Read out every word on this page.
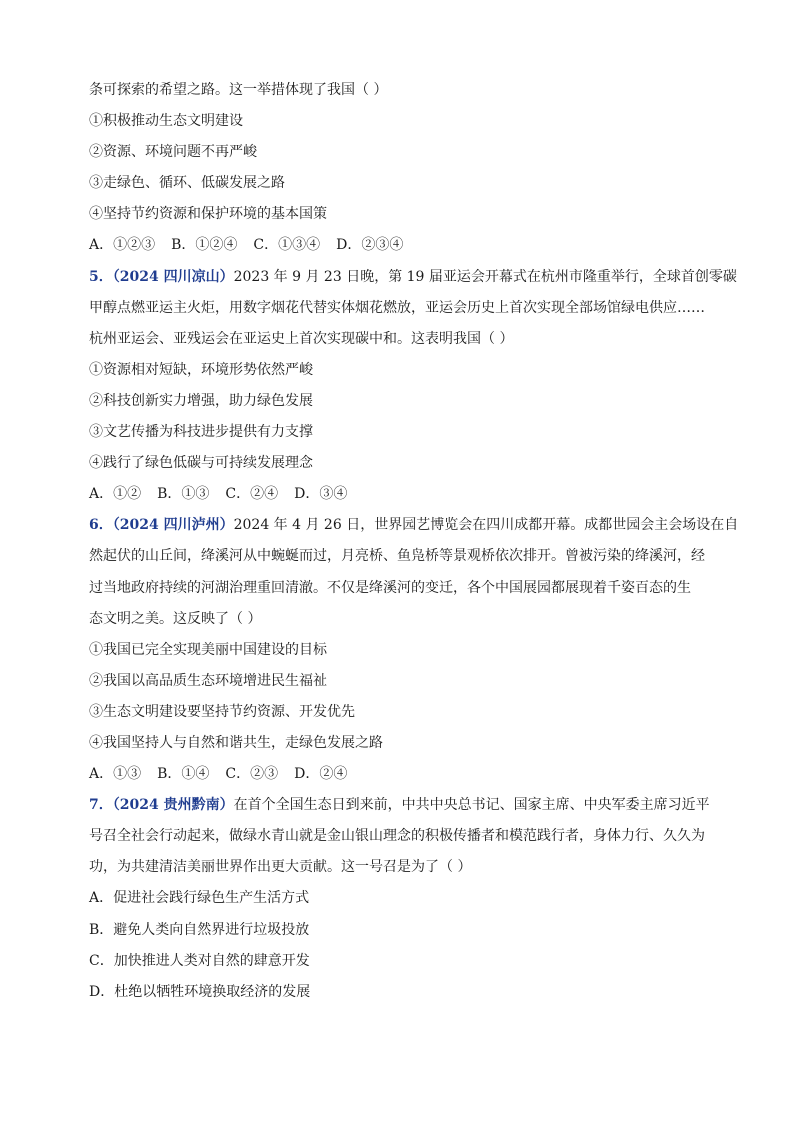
条可探索的希望之路。这一举措体现了我国（ ）
①积极推动生态文明建设
②资源、环境问题不再严峻
③走绿色、循环、低碳发展之路
④坚持节约资源和保护环境的基本国策
A．①②③ B．①②④ C．①③④ D．②③④
5．（2024 四川凉山）2023 年 9 月 23 日晚，第 19 届亚运会开幕式在杭州市隆重举行，全球首创零碳
甲醇点燃亚运主火炬，用数字烟花代替实体烟花燃放，亚运会历史上首次实现全部场馆绿电供应……
杭州亚运会、亚残运会在亚运史上首次实现碳中和。这表明我国（ ）
①资源相对短缺，环境形势依然严峻
②科技创新实力增强，助力绿色发展
③文艺传播为科技进步提供有力支撑
④践行了绿色低碳与可持续发展理念
A．①② B．①③ C．②④ D．③④
6．（2024 四川泸州）2024 年 4 月 26 日，世界园艺博览会在四川成都开幕。成都世园会主会场设在自
然起伏的山丘间，绛溪河从中蜿蜒而过，月亮桥、鱼凫桥等景观桥依次排开。曾被污染的绛溪河，经
过当地政府持续的河湖治理重回清澈。不仅是绛溪河的变迁，各个中国展园都展现着千姿百态的生
态文明之美。这反映了（ ）
①我国已完全实现美丽中国建设的目标
②我国以高品质生态环境增进民生福祉
③生态文明建设要坚持节约资源、开发优先
④我国坚持人与自然和谐共生，走绿色发展之路
A．①③ B．①④ C．②③ D．②④
7．（2024 贵州黔南）在首个全国生态日到来前，中共中央总书记、国家主席、中央军委主席习近平
号召全社会行动起来，做绿水青山就是金山银山理念的积极传播者和模范践行者，身体力行、久久为
功，为共建清洁美丽世界作出更大贡献。这一号召是为了（ ）
A．促进社会践行绿色生产生活方式
B．避免人类向自然界进行垃圾投放
C．加快推进人类对自然的肆意开发
D．杜绝以牺牲环境换取经济的发展
